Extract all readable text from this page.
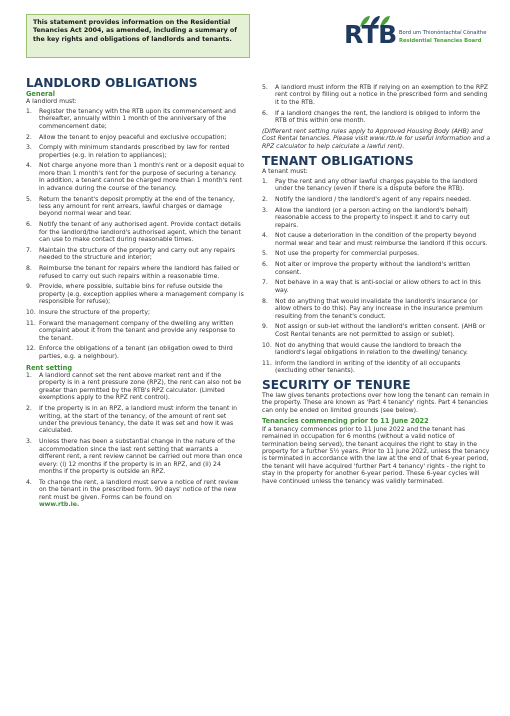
This statement provides information on the Residential Tenancies Act 2004, as amended, including a summary of the key rights and obligations of landlords and tenants.	RTB Bord um Thionóntachtaí Cónaithe
Residential Tenancies Board
LANDLORD OBLIGATIONS
General

A landlord must:

1. Register the tenancy with the RTB upon its commencement and thereafter, annually within 1 month of the anniversary of the commencement date;
2. Allow the tenant to enjoy peaceful and exclusive occupation;
3. Comply with minimum standards prescribed by law for rented properties (e.g. in relation to appliances);
4. Not charge anyone more than 1 month's rent or a deposit equal to more than 1 month's rent for the purpose of securing a tenancy. In addition, a tenant cannot be charged more than 1 month's rent in advance during the course of the tenancy.
5. Return the tenant's deposit promptly at the end of the tenancy, less any amount for rent arrears, lawful charges or damage beyond normal wear and tear.
6. Notify the tenant of any authorised agent. Provide contact details for the landlord/the landlord's authorised agent, which the tenant can use to make contact during reasonable times.
7. Maintain the structure of the property and carry out any repairs needed to the structure and interior;
8. Reimburse the tenant for repairs where the landlord has failed or refused to carry out such repairs within a reasonable time.
9. Provide, where possible, suitable bins for refuse outside the property (e.g. exception applies where a management company is responsible for refuse);
10. Insure the structure of the property;
11. Forward the management company of the dwelling any written complaint about it from the tenant and provide any response to the tenant.
12. Enforce the obligations of a tenant (an obligation owed to third parties, e.g. a neighbour).
Rent setting
1. A landlord cannot set the rent above market rent and if the property is in a rent pressure zone (RPZ), the rent can also not be greater than permitted by the RTB's RPZ calculator. (Limited exemptions apply to the RPZ rent control).
2. If the property is in an RPZ, a landlord must inform the tenant in writing, at the start of the tenancy, of the amount of rent set under the previous tenancy, the date it was set and how it was calculated.
3. Unless there has been a substantial change in the nature of the accommodation since the last rent setting that warrants a different rent, a rent review cannot be carried out more than once every: (i) 12 months if the property is in an RPZ, and (ii) 24 months if the property is outside an RPZ.
4. To change the rent, a landlord must serve a notice of rent review on the tenant in the prescribed form. 90 days' notice of the new rent must be given. Forms can be found on
www.rtb.ie.
5. A landlord must inform the RTB if relying on an exemption to the RPZ rent control by filling out a notice in the prescribed form and sending it to the RTB.
6. If a landlord changes the rent, the landlord is obliged to inform the RTB of this within one month.

(Different rent setting rules apply to Approved Housing Body (AHB) and Cost Rental tenancies. Please visit www.rtb.ie for useful information and a RPZ calculator to help calculate a lawful rent).

TENANT OBLIGATIONS

A tenant must:

1. Pay the rent and any other lawful charges payable to the landlord under the tenancy (even if there is a dispute before the RTB).
2. Notify the landlord / the landlord's agent of any repairs needed.
3. Allow the landlord (or a person acting on the landlord's behalf) reasonable access to the property to inspect it and to carry out repairs.
4. Not cause a deterioration in the condition of the property beyond normal wear and tear and must reimburse the landlord if this occurs.
5. Not use the property for commercial purposes.
6. Not alter or improve the property without the landlord's written consent.
7. Not behave in a way that is anti-social or allow others to act in this way.
8. Not do anything that would invalidate the landlord's insurance (or allow others to do this). Pay any increase in the insurance premium resulting from the tenant's conduct.
9. Not assign or sub-let without the landlord's written consent. (AHB or Cost Rental tenants are not permitted to assign or sublet).
10. Not do anything that would cause the landlord to breach the landlord's legal obligations in relation to the dwelling/ tenancy.
11. Inform the landlord in writing of the identity of all occupants (excluding other tenants).
SECURITY OF TENURE

The law gives tenants protections over how long the tenant can remain in the property. These are known as 'Part 4 tenancy' rights. Part 4 tenancies can only be ended on limited grounds (see below).

Tenancies commencing prior to 11 June 2022

If a tenancy commences prior to 11 June 2022 and the tenant has remained in occupation for 6 months (without a valid notice of termination being served), the tenant acquires the right to stay in the property for a further 5½ years. Prior to 11 June 2022, unless the tenancy is terminated in accordance with the law at the end of that 6-year period, the tenant will have acquired 'further Part 4 tenancy' rights - the right to stay in the property for another 6-year period. These 6-year cycles will have continued unless the tenancy was validly terminated.
